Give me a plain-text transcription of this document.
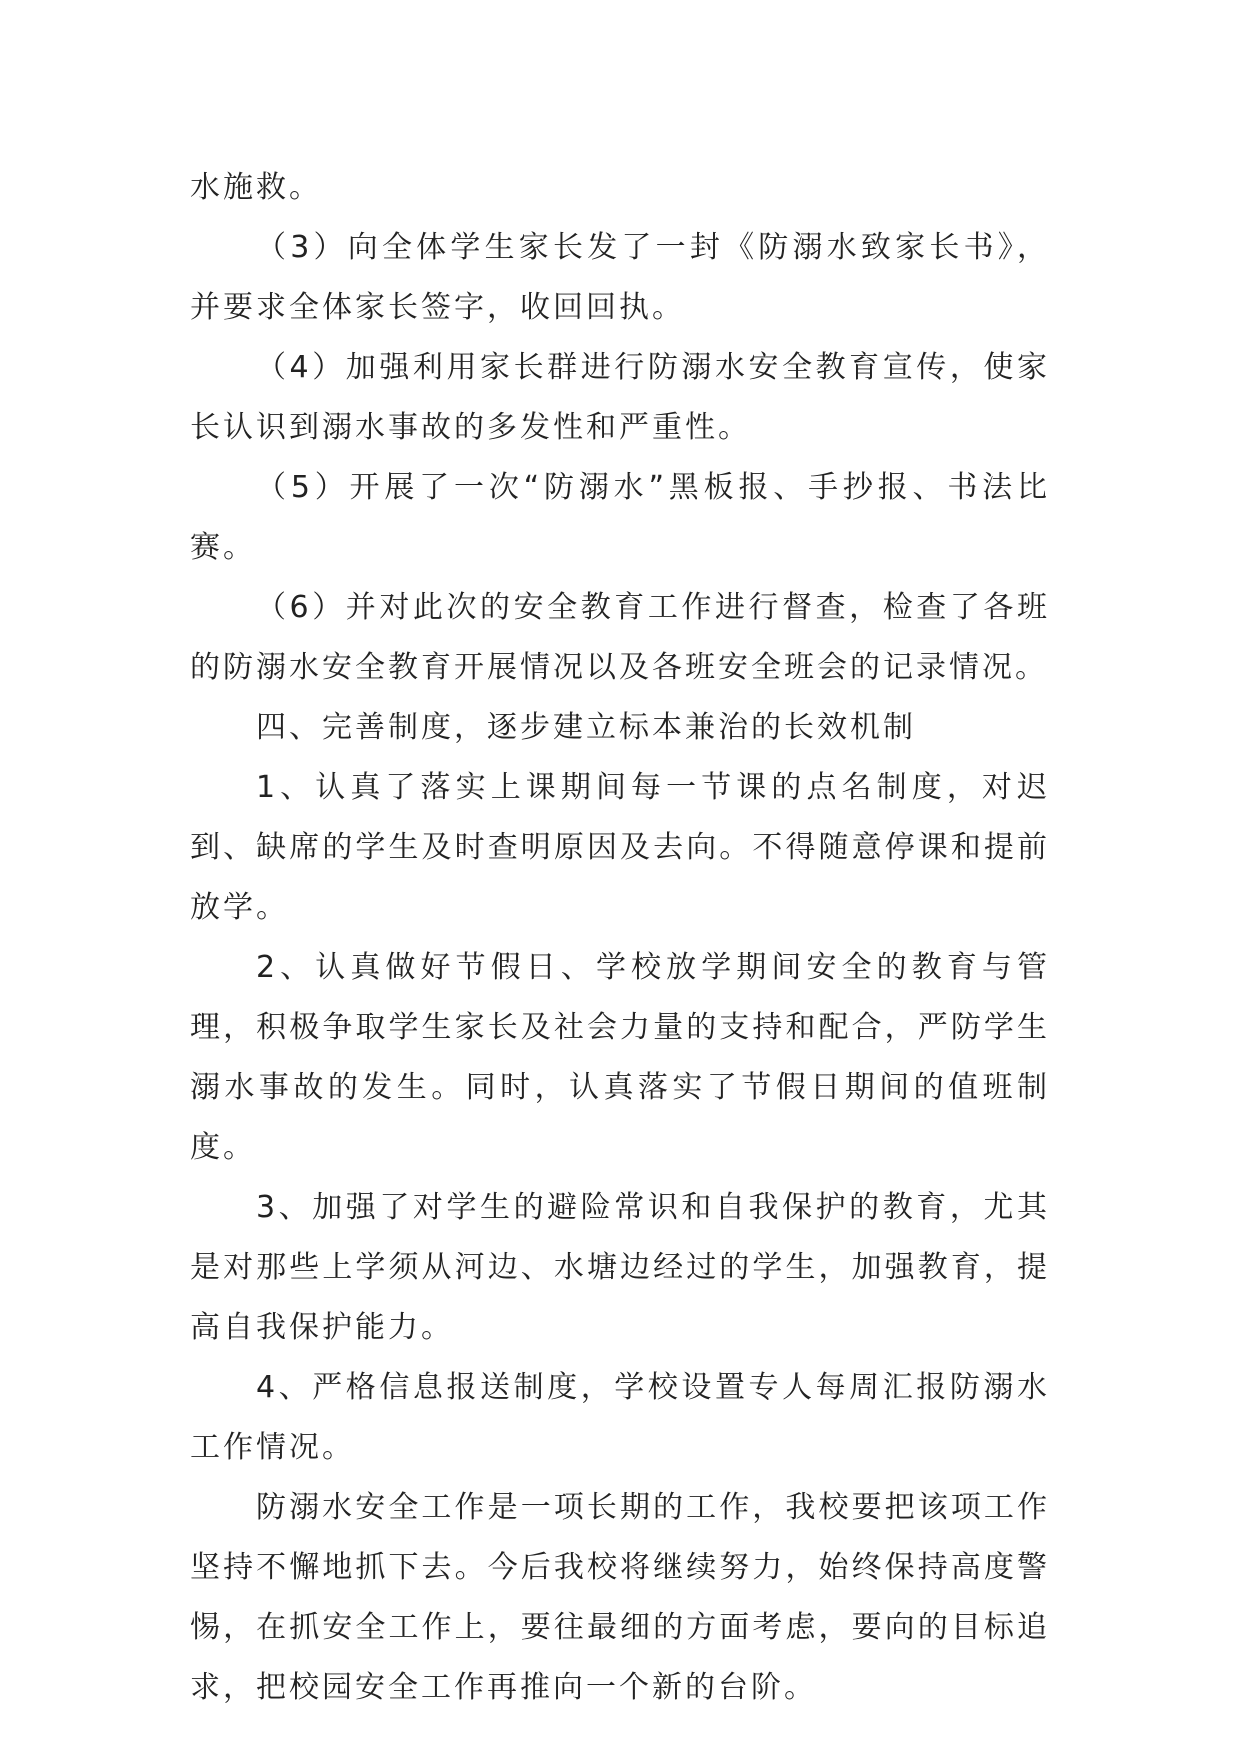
水施救。

（3）向全体学生家长发了一封《防溺水致家长书》，并要求全体家长签字，收回回执。

（4）加强利用家长群进行防溺水安全教育宣传，使家长认识到溺水事故的多发性和严重性。

（5）开展了一次“防溺水”黑板报、手抄报、书法比赛。

（6）并对此次的安全教育工作进行督查，检查了各班的防溺水安全教育开展情况以及各班安全班会的记录情况。

四、完善制度，逐步建立标本兼治的长效机制

1、认真了落实上课期间每一节课的点名制度，对迟到、缺席的学生及时查明原因及去向。不得随意停课和提前放学。

2、认真做好节假日、学校放学期间安全的教育与管理，积极争取学生家长及社会力量的支持和配合，严防学生溺水事故的发生。同时，认真落实了节假日期间的值班制度。

3、加强了对学生的避险常识和自我保护的教育，尤其是对那些上学须从河边、水塘边经过的学生，加强教育，提高自我保护能力。

4、严格信息报送制度，学校设置专人每周汇报防溺水工作情况。

防溺水安全工作是一项长期的工作，我校要把该项工作坚持不懈地抓下去。今后我校将继续努力，始终保持高度警惕，在抓安全工作上，要往最细的方面考虑，要向的目标追求，把校园安全工作再推向一个新的台阶。
